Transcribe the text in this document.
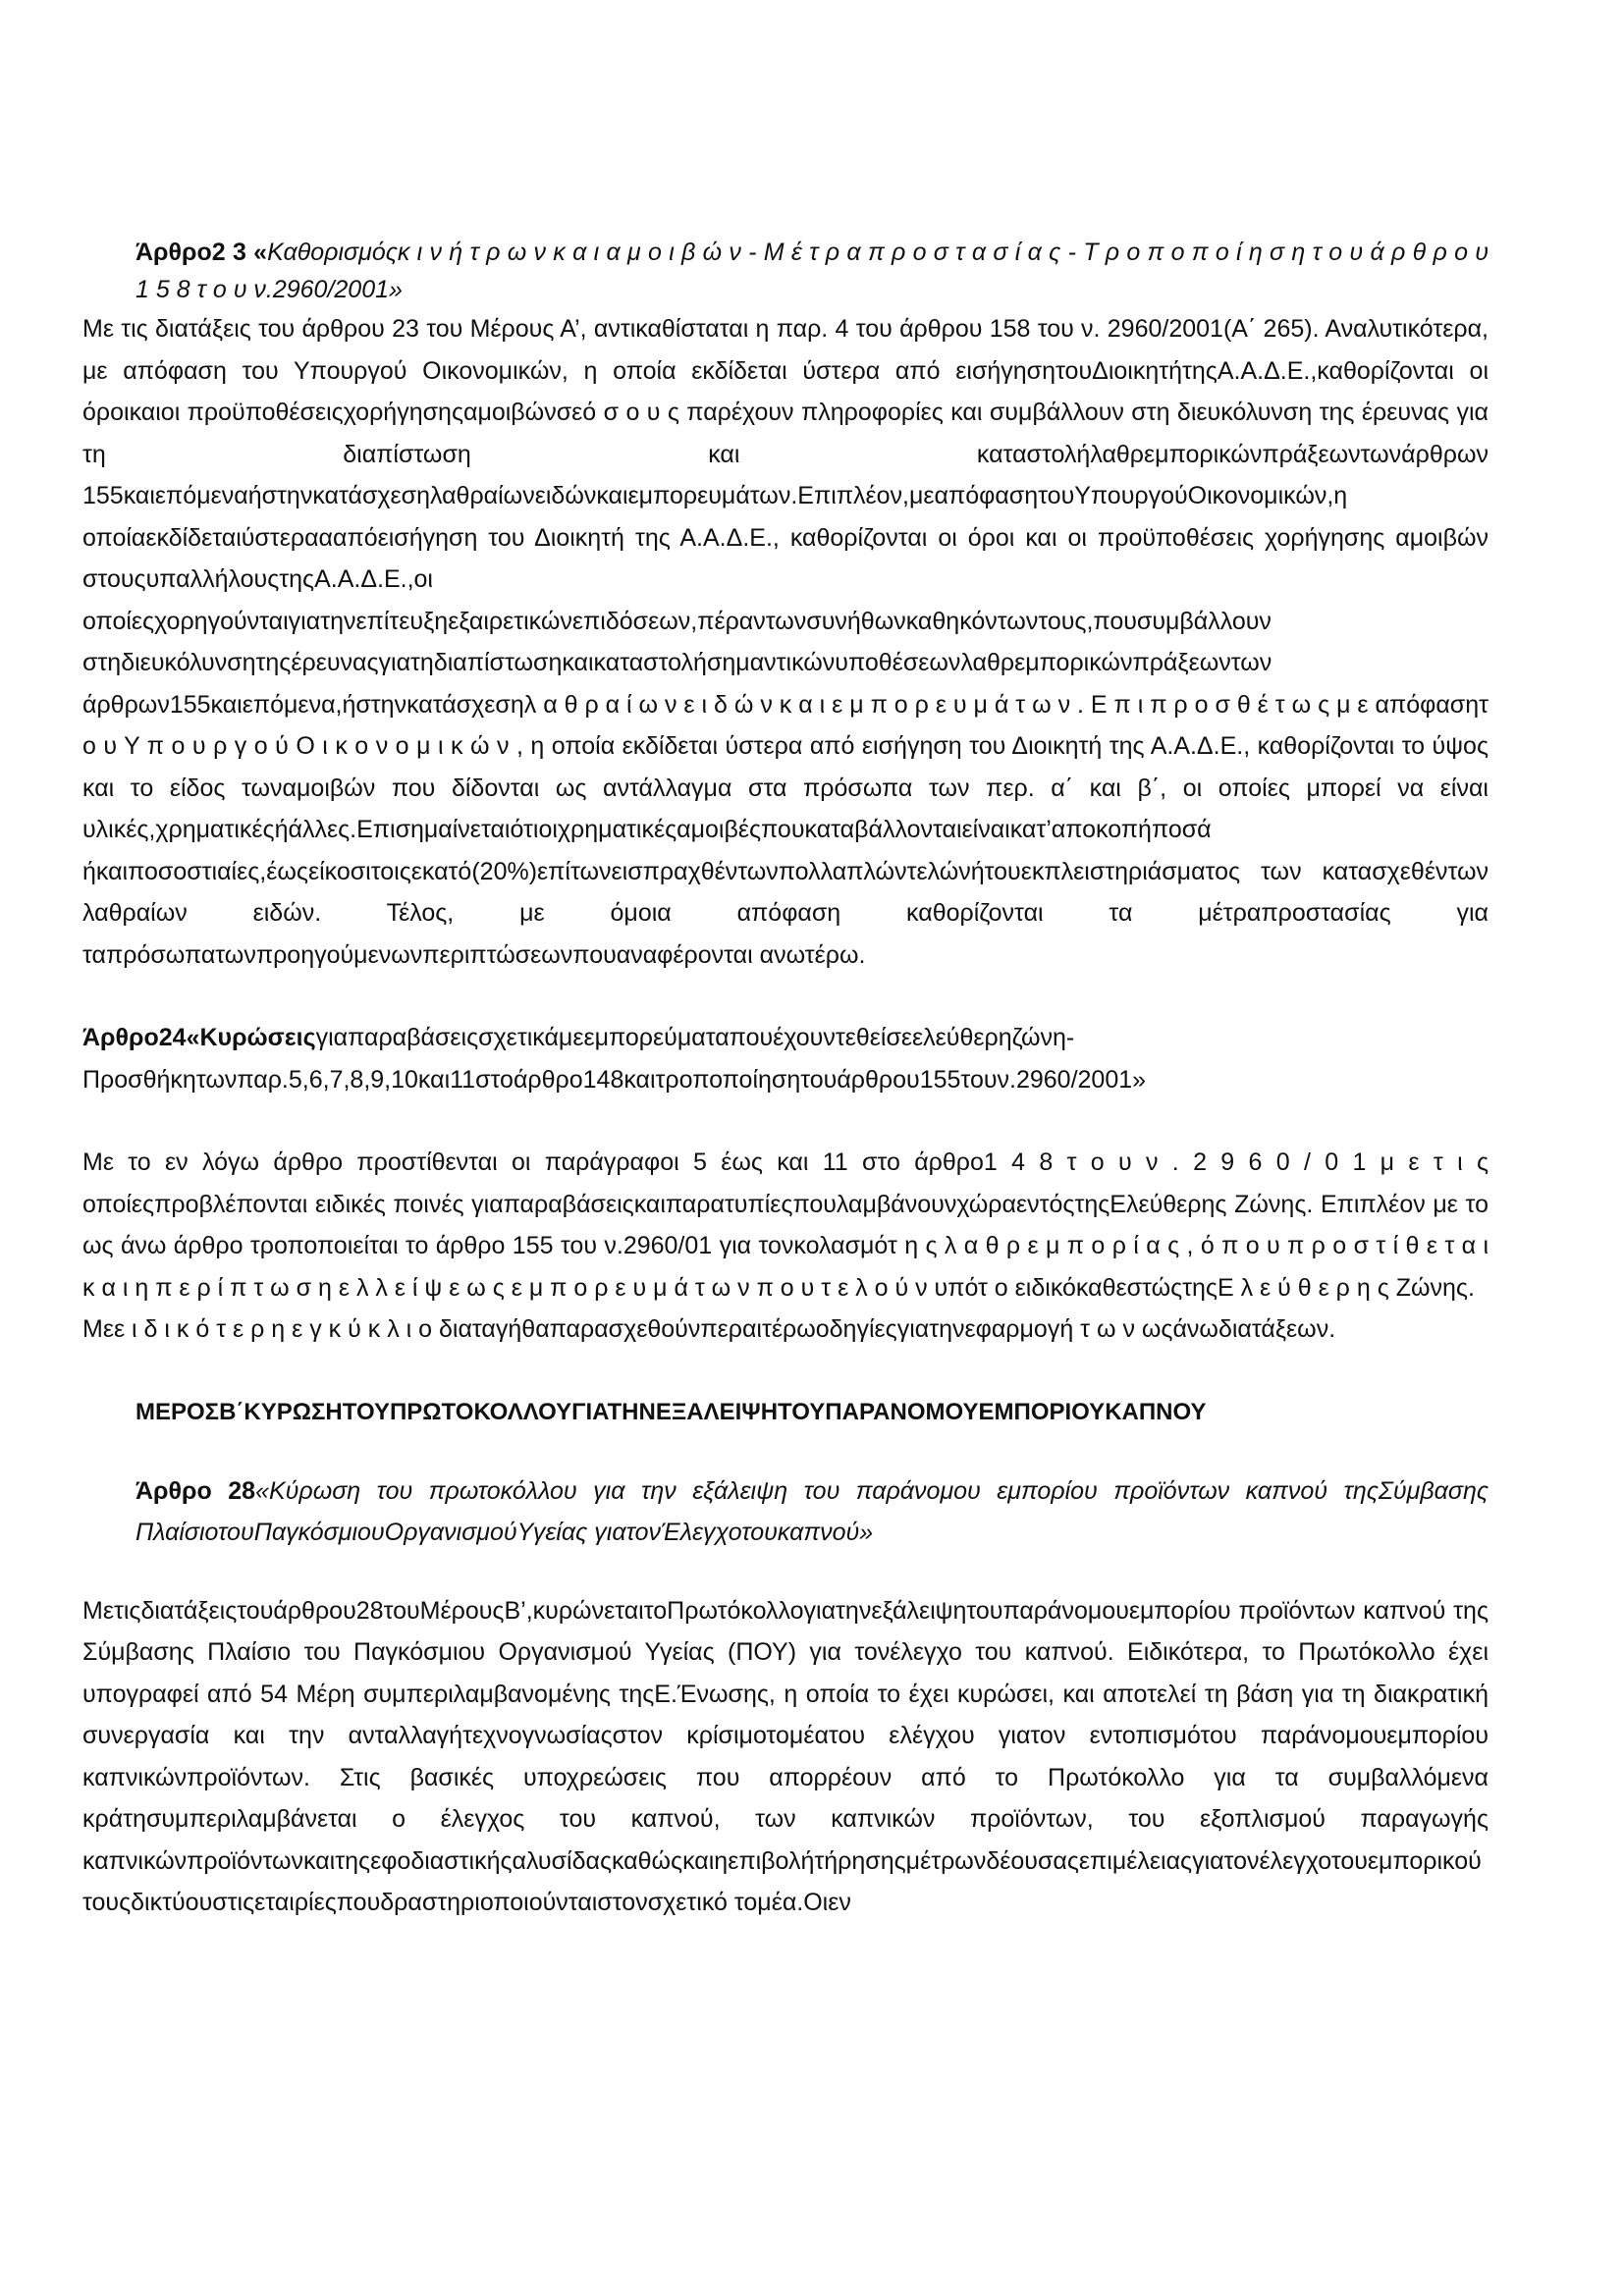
Άρθρο2 3 «Καθορισμόςκ ι ν ή τ ρ ω ν κ α ι α μ ο ι β ώ ν - Μ έ τ ρ α π ρ ο σ τ α σ ί α ς - Τ ρ ο π ο π ο ί η σ η τ ο υ ά ρ θ ρ ο υ 1 5 8 τ ο υ ν.2960/2001»

Με τις διατάξεις του άρθρου 23 του Μέρους Α’, αντικαθίσταται η παρ. 4 του άρθρου 158 του ν. 2960/2001(Α΄ 265). Αναλυτικότερα, με απόφαση του Υπουργού Οικονομικών, η οποία εκδίδεται ύστερα από εισήγησητουΔιοικητήτηςΑ.Α.Δ.Ε.,καθορίζονται οι όροικαιοι προϋποθέσειςχορήγησηςαμοιβώνσεό σ ο υ ς παρέχουν πληροφορίες και συμβάλλουν στη διευκόλυνση της έρευνας για τη διαπίστωση και καταστολήλαθρεμπορικώνπράξεωντωνάρθρων 155καιεπόμεναήστηνκατάσχεσηλαθραίωνειδώνκαιεμπορευμάτων.Επιπλέον,μεαπόφασητουΥπουργούΟικονομικών,η οποίαεκδίδεταιύστεραααπόεισήγηση του Διοικητή της Α.Α.Δ.Ε., καθορίζονται οι όροι και οι προϋποθέσεις χορήγησης αμοιβών στουςυπαλλήλουςτηςΑ.Α.Δ.Ε.,οι οποίεςχορηγούνταιγιατηνεπίτευξηεξαιρετικώνεπιδόσεων,πέραντωνσυνήθωνκαθηκόντωντους,πουσυμβάλλουν στηδιευκόλυνσητηςέρευναςγιατηδιαπίστωσηκαικαταστολήσημαντικώνυποθέσεωνλαθρεμπορικώνπράξεωντων άρθρων155καιεπόμενα,ήστηνκατάσχεσηλ α θ ρ α ί ω ν ε ι δ ώ ν κ α ι ε μ π ο ρ ε υ μ ά τ ω ν . Ε π ι π ρ ο σ θ έ τ ω ς μ ε απόφασητ ο υ Υ π ο υ ρ γ ο ύ Ο ι κ ο ν ο μ ι κ ώ ν , η οποία εκδίδεται ύστερα από εισήγηση του Διοικητή της Α.Α.Δ.Ε., καθορίζονται το ύψος και το είδος τωναμοιβών που δίδονται ως αντάλλαγμα στα πρόσωπα των περ. α΄ και β΄, οι οποίες μπορεί να είναι υλικές,χρηματικέςήάλλες.Επισημαίνεταιότιοιχρηματικέςαμοιβέςπουκαταβάλλονταιείναικατ’αποκοπήποσά ήκαιποσοστιαίες,έωςείκοσιτοιςεκατό(20%)επίτωνεισπραχθέντωνπολλαπλώντελώνήτουεκπλειστηριάσματος των κατασχεθέντων λαθραίων ειδών. Τέλος, με όμοια απόφαση καθορίζονται τα μέτραπροστασίας για ταπρόσωπατωνπροηγούμενωνπεριπτώσεωνπουαναφέρονται ανωτέρω.

Άρθρο24«Κυρώσειςγιαπαραβάσειςσχετικάμεεμπορεύματαπουέχουντεθείσεελεύθερηζώνη-Προσθήκητωνπαρ.5,6,7,8,9,10και11στοάρθρο148καιτροποποίησητουάρθρου155τουν.2960/2001»

Με το εν λόγω άρθρο προστίθενται οι παράγραφοι 5 έως και 11 στο άρθρο1 4 8 τ ο υ ν . 2 9 6 0 / 0 1 μ ε τ ι ς οποίεςπροβλέπονται ειδικές ποινές γιαπαραβάσειςκαιπαρατυπίεςπουλαμβάνουνχώραεντόςτηςΕλεύθερης Ζώνης. Επιπλέον με το ως άνω άρθρο τροποποιείται το άρθρο 155 του ν.2960/01 για τονκολασμότ η ς λ α θ ρ ε μ π ο ρ ί α ς , ό π ο υ π ρ ο σ τ ί θ ε τ α ι κ α ι η π ε ρ ί π τ ω σ η ε λ λ ε ί ψ ε ω ς ε μ π ο ρ ε υ μ ά τ ω ν π ο υ τ ε λ ο ύ ν υπότ ο ειδικόκαθεστώςτηςΕ λ ε ύ θ ε ρ η ς Ζώνης.

Μεε ι δ ι κ ό τ ε ρ η ε γ κ ύ κ λ ι ο διαταγήθαπαρασχεθούνπεραιτέρωοδηγίεςγιατηνεφαρμογή τ ω ν ωςάνωδιατάξεων.

ΜΕΡΟΣΒ΄ΚΥΡΩΣΗΤΟΥΠΡΩΤΟΚΟΛΛΟΥΓΙΑΤΗΝΕΞΑΛΕΙΨΗΤΟΥΠΑΡΑΝΟΜΟΥΕΜΠΟΡΙΟΥΚΑΠΝΟΥ
Άρθρο 28«Κύρωση του πρωτοκόλλου για την εξάλειψη του παράνομου εμπορίου προϊόντων καπνού τηςΣύμβασης ΠλαίσιοτουΠαγκόσμιουΟργανισμούΥγείας γιατονΈλεγχοτουκαπνού»

Μετιςδιατάξειςτουάρθρου28τουΜέρουςΒ’,κυρώνεταιτοΠρωτόκολλογιατηνεξάλειψητουπαράνομουεμπορίου προϊόντων καπνού της Σύμβασης Πλαίσιο του Παγκόσμιου Οργανισμού Υγείας (ΠΟΥ) για τονέλεγχο του καπνού. Ειδικότερα, το Πρωτόκολλο έχει υπογραφεί από 54 Μέρη συμπεριλαμβανομένης τηςΕ.Ένωσης, η οποία το έχει κυρώσει, και αποτελεί τη βάση για τη διακρατική συνεργασία και την ανταλλαγήτεχνογνωσίαςστον κρίσιμοτομέατου ελέγχου γιατον εντοπισμότου παράνομουεμπορίου καπνικώνπροϊόντων. Στις βασικές υποχρεώσεις που απορρέουν από το Πρωτόκολλο για τα συμβαλλόμενα κράτησυμπεριλαμβάνεται ο έλεγχος του καπνού, των καπνικών προϊόντων, του εξοπλισμού παραγωγής καπνικώνπροϊόντωνκαιτηςεφοδιαστικήςαλυσίδαςκαθώςκαιηεπιβολήτήρησηςμέτρωνδέουσαςεπιμέλειαςγιατονέλεγχοτουεμπορικούτουςδικτύουστιςεταιρίεςπουδραστηριοποιούνταιστονσχετικό τομέα.Οιεν
